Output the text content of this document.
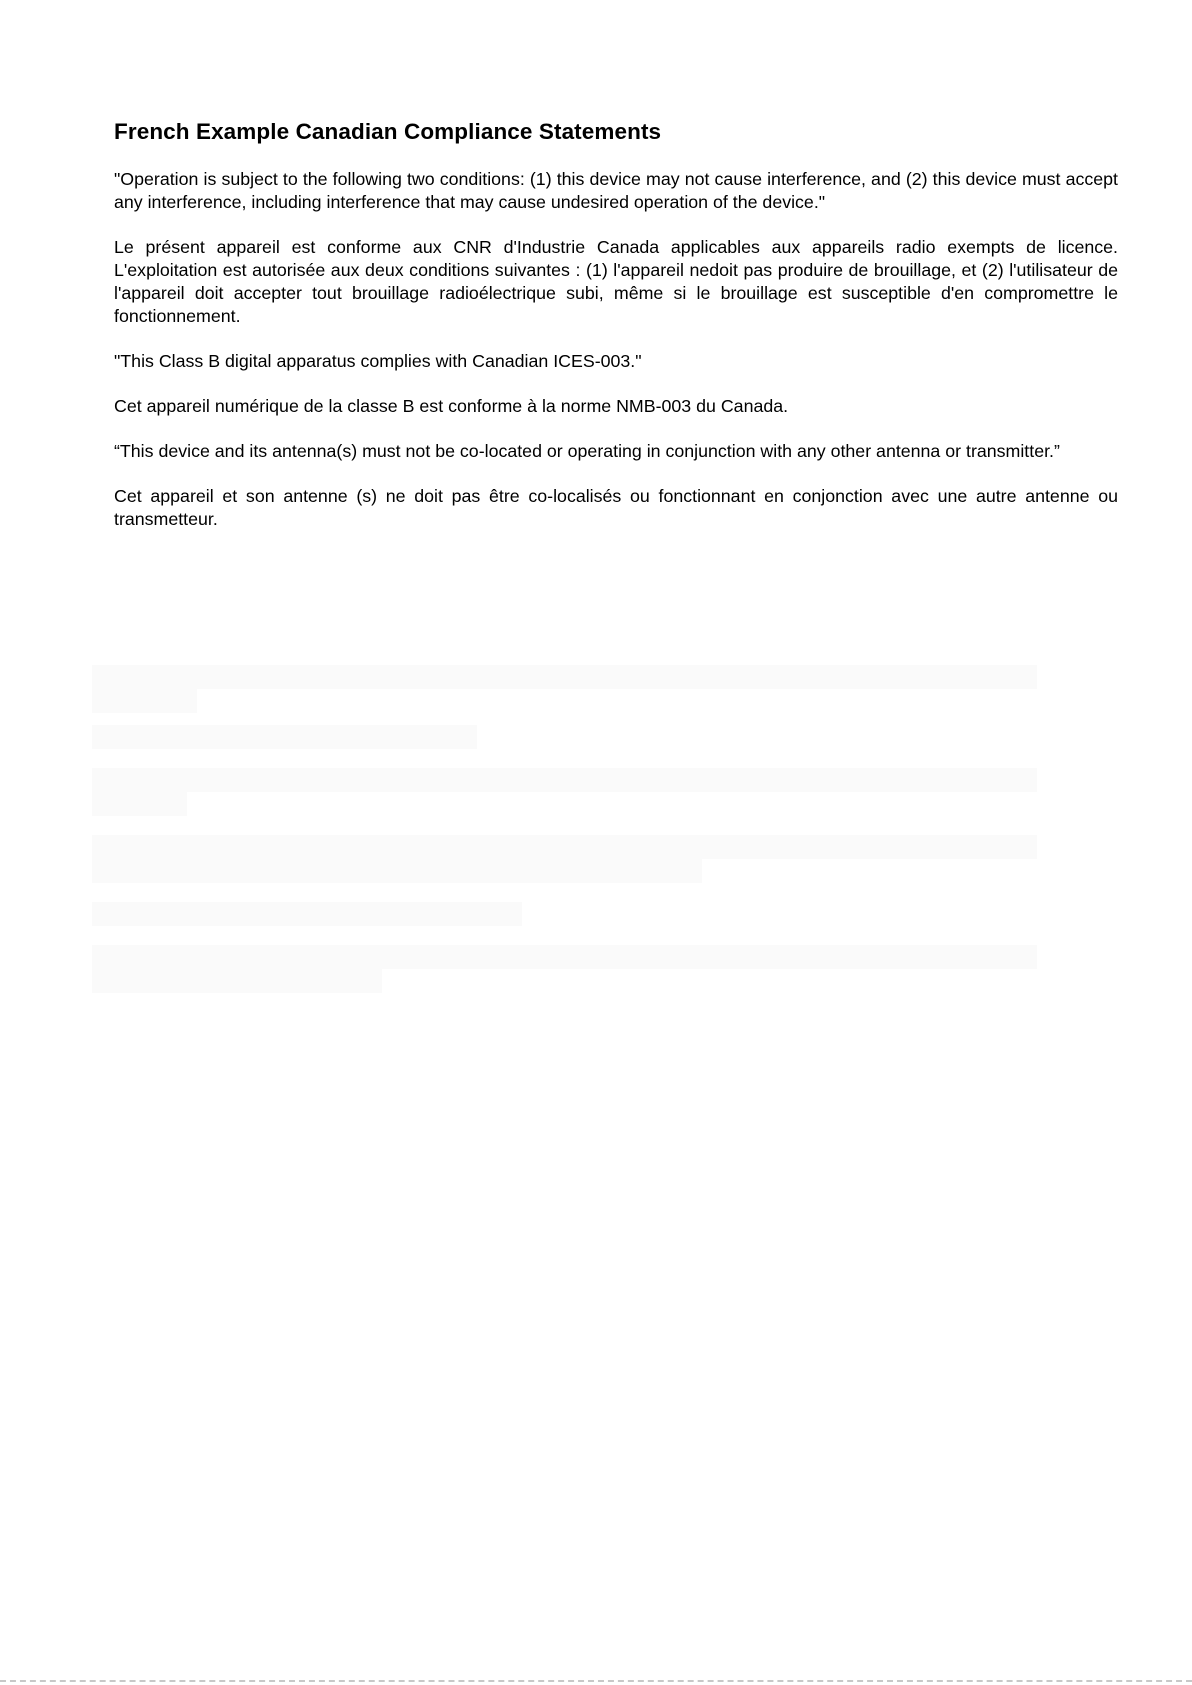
French Example Canadian Compliance Statements

"Operation is subject to the following two conditions: (1) this device may not cause interference, and (2) this device must accept any interference, including interference that may cause undesired operation of the device."

Le présent appareil est conforme aux CNR d'Industrie Canada applicables aux appareils radio exempts de licence. L'exploitation est autorisée aux deux conditions suivantes : (1) l'appareil nedoit pas produire de brouillage, et (2) l'utilisateur de l'appareil doit accepter tout brouillage radioélectrique subi, même si le brouillage est susceptible d'en compromettre le fonctionnement.

"This Class B digital apparatus complies with Canadian ICES-003."

Cet appareil numérique de la classe B est conforme à la norme NMB-003 du Canada.

“This device and its antenna(s) must not be co-located or operating in conjunction with any other antenna or transmitter.”

Cet appareil et son antenne (s) ne doit pas être co-localisés ou fonctionnant en conjonction avec une autre antenne ou transmetteur.
